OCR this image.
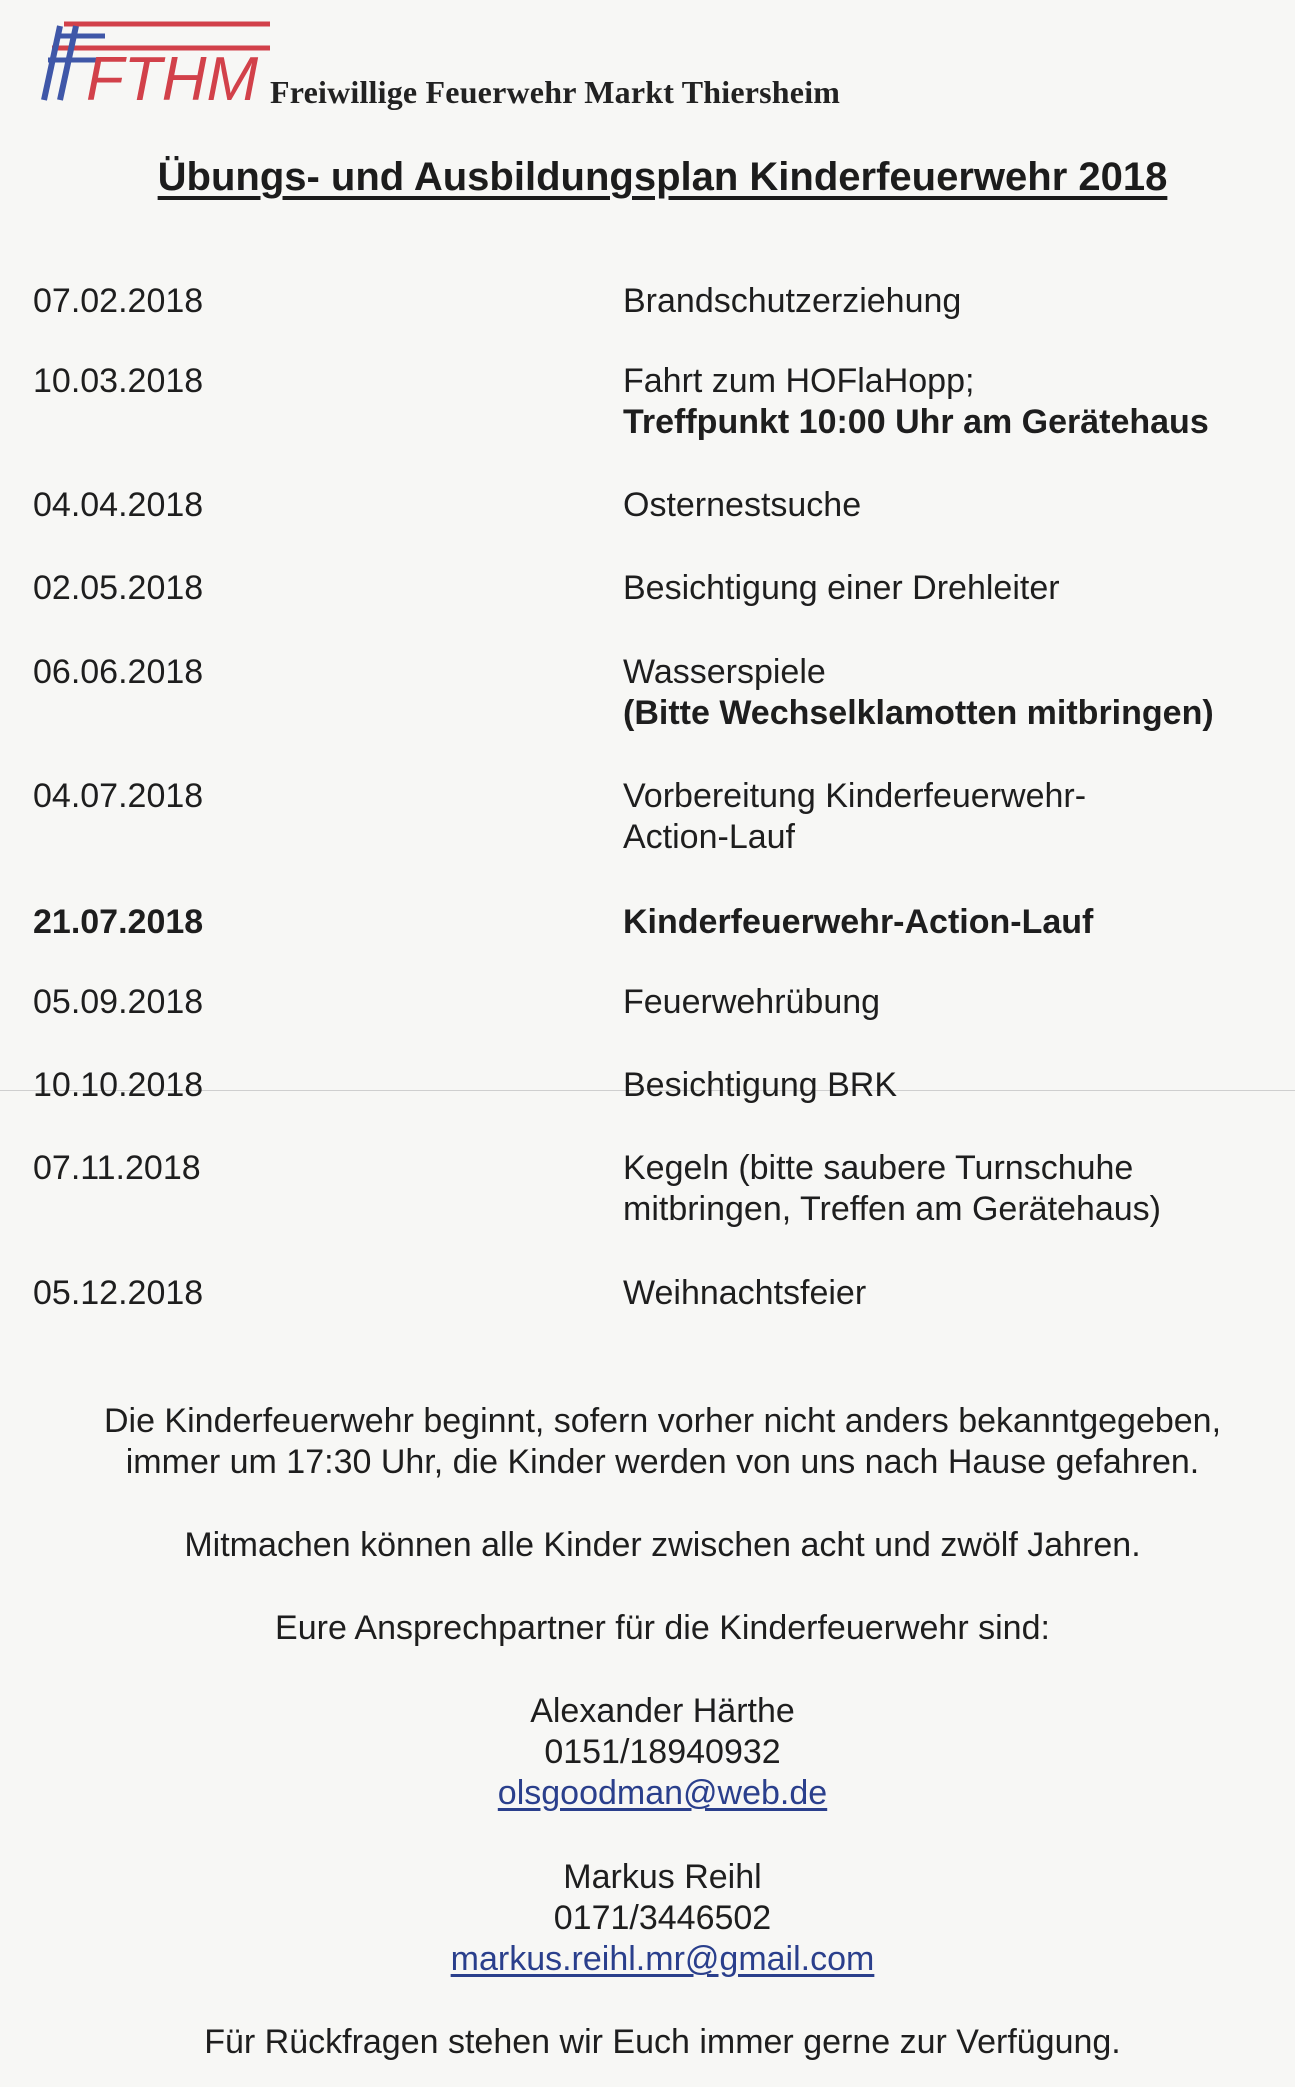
FTHM Freiwillige Feuerwehr Markt Thiersheim
Übungs- und Ausbildungsplan Kinderfeuerwehr 2018
07.02.2018	Brandschutzerziehung
10.03.2018	Fahrt zum HOFlaHopp;
Treffpunkt 10:00 Uhr am Gerätehaus
04.04.2018	Osternestsuche
02.05.2018	Besichtigung einer Drehleiter
06.06.2018	Wasserspiele
(Bitte Wechselklamotten mitbringen)
04.07.2018	Vorbereitung Kinderfeuerwehr-
Action-Lauf
21.07.2018	Kinderfeuerwehr-Action-Lauf
05.09.2018	Feuerwehrübung
10.10.2018	Besichtigung BRK
07.11.2018	Kegeln (bitte saubere Turnschuhe
mitbringen, Treffen am Gerätehaus)
05.12.2018	Weihnachtsfeier
Die Kinderfeuerwehr beginnt, sofern vorher nicht anders bekanntgegeben,
immer um 17:30 Uhr, die Kinder werden von uns nach Hause gefahren.
Mitmachen können alle Kinder zwischen acht und zwölf Jahren.
Eure Ansprechpartner für die Kinderfeuerwehr sind:
Alexander Härthe
0151/18940932
olsgoodman@web.de
Markus Reihl
0171/3446502
markus.reihl.mr@gmail.com
Für Rückfragen stehen wir Euch immer gerne zur Verfügung.
